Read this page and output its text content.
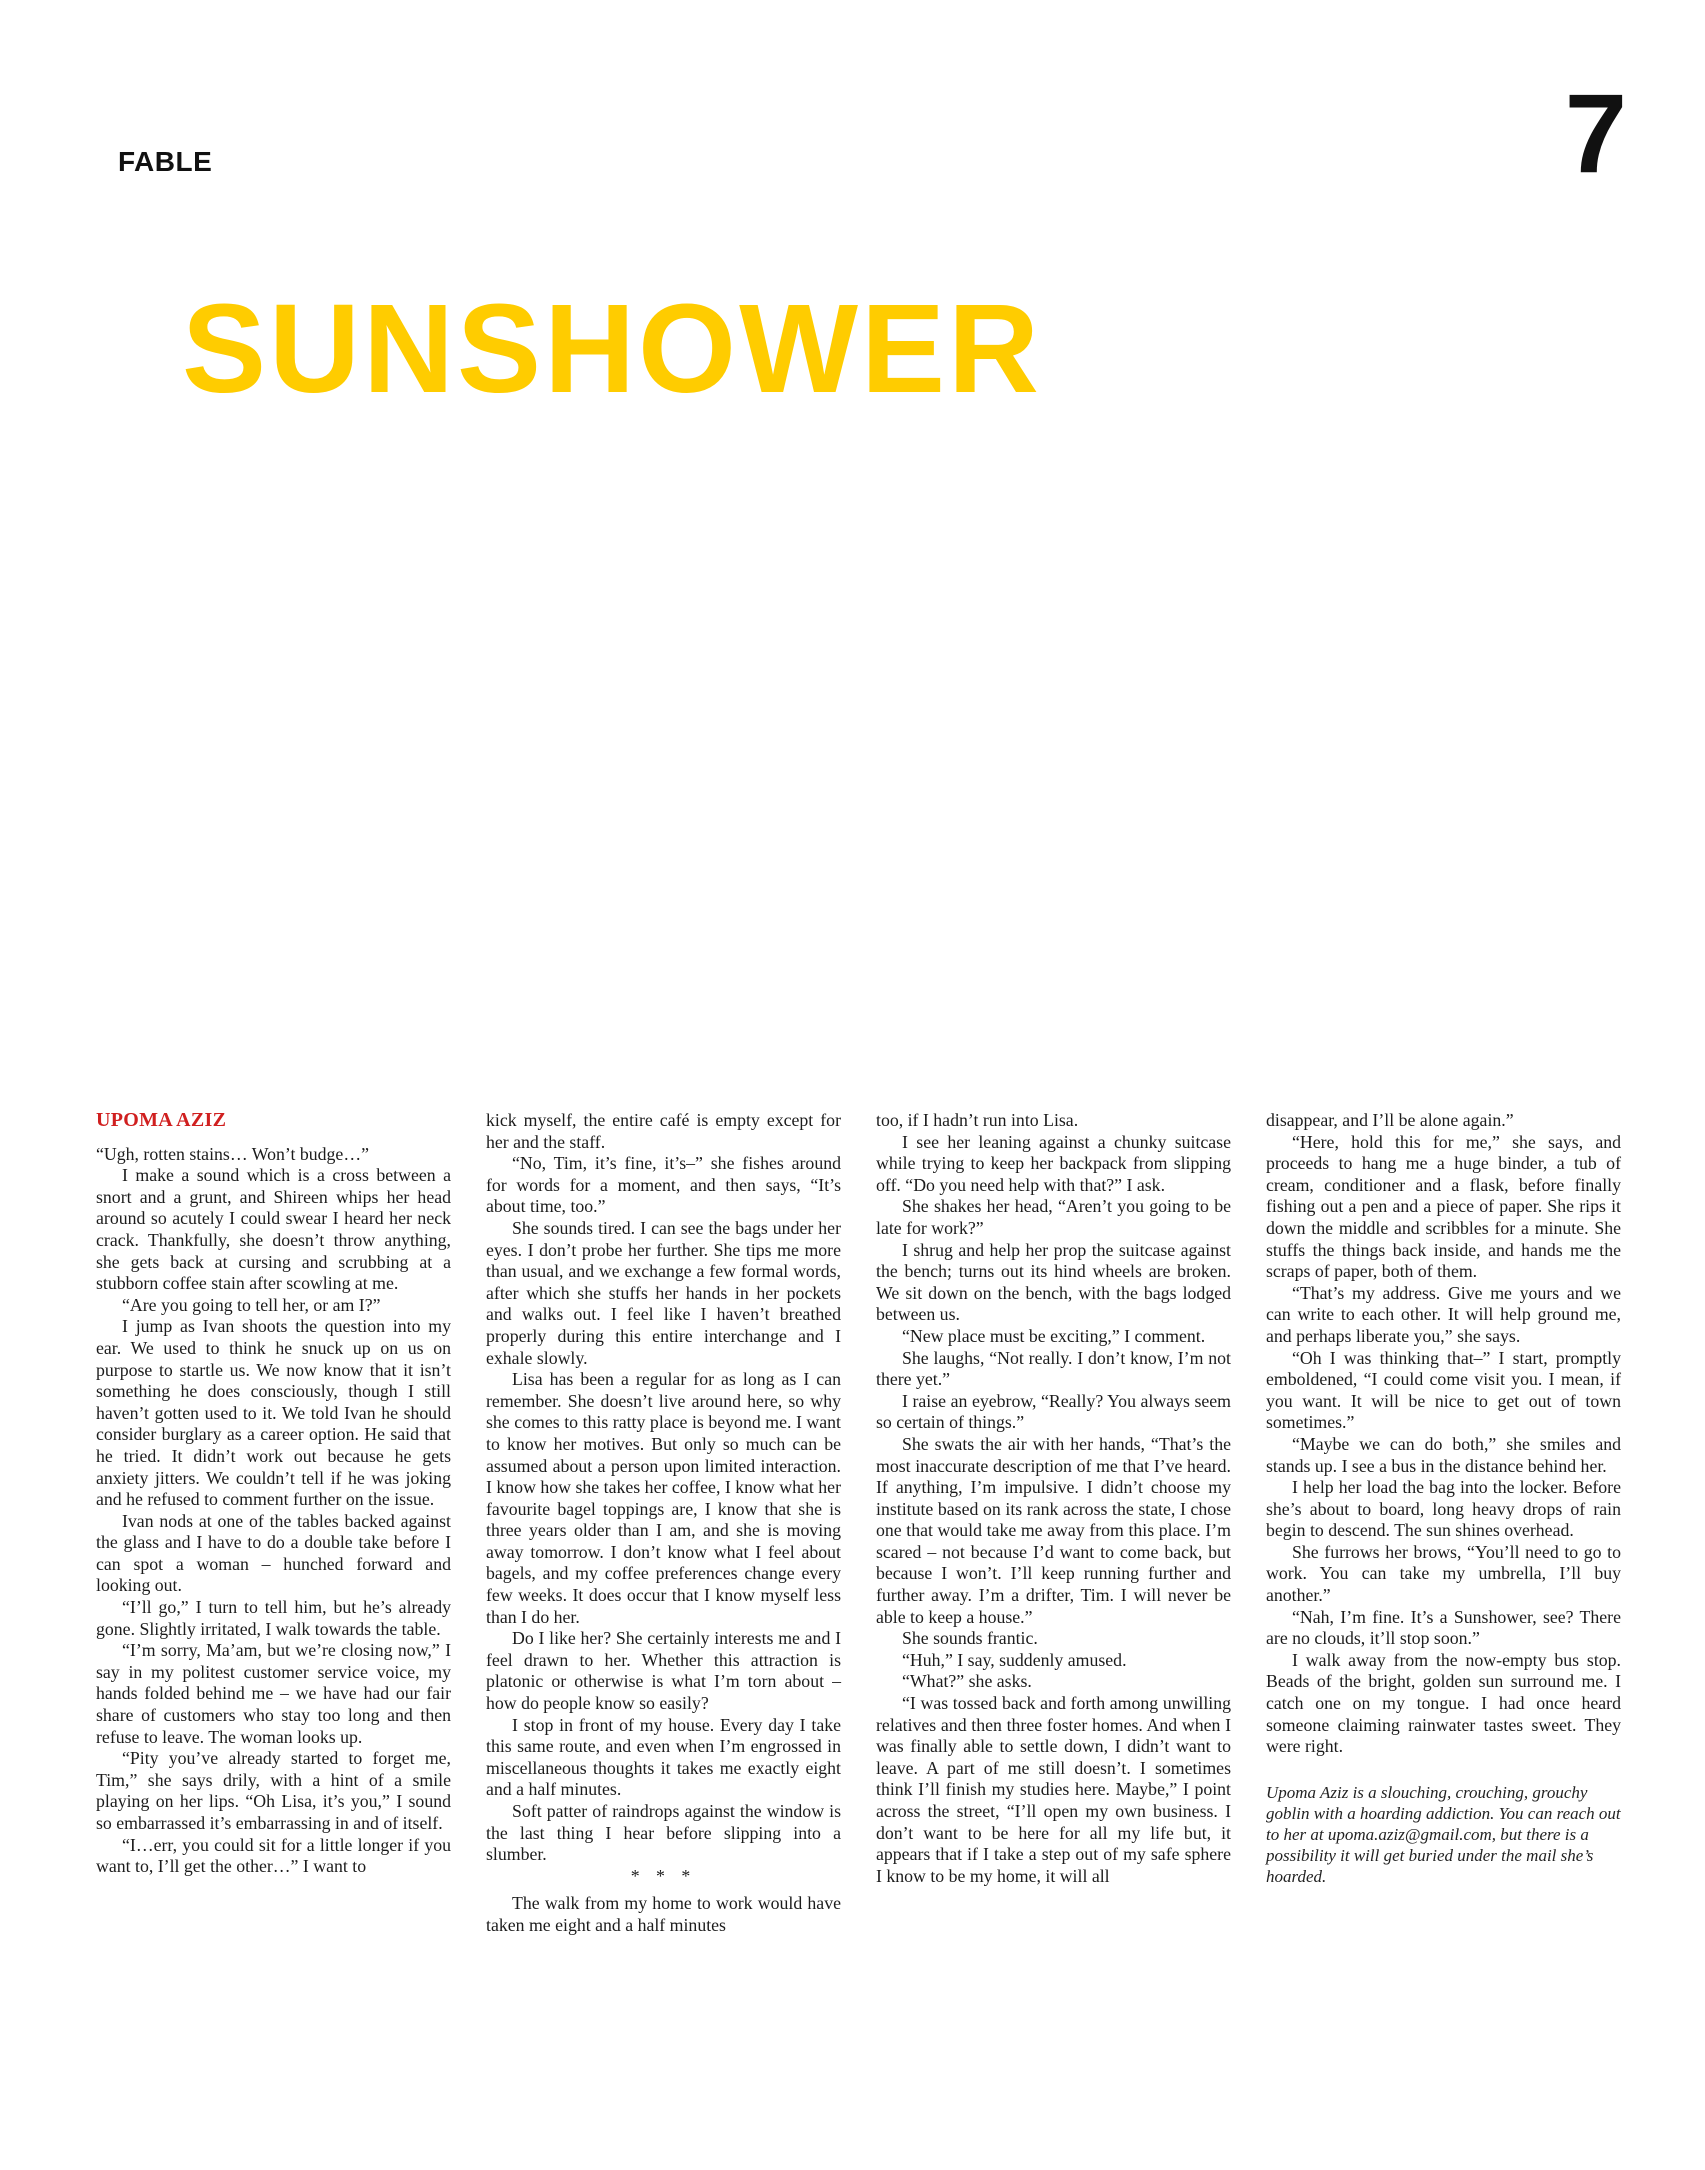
FABLE	7
SUNSHOWER
UPOMA AZIZ

“Ugh, rotten stains… Won’t budge…”

I make a sound which is a cross between a snort and a grunt, and Shireen whips her head around so acutely I could swear I heard her neck crack. Thankfully, she doesn’t throw anything, she gets back at cursing and scrubbing at a stubborn coffee stain after scowling at me.

“Are you going to tell her, or am I?”

I jump as Ivan shoots the question into my ear. We used to think he snuck up on us on purpose to startle us. We now know that it isn’t something he does consciously, though I still haven’t gotten used to it. We told Ivan he should consider burglary as a career option. He said that he tried. It didn’t work out because he gets anxiety jitters. We couldn’t tell if he was joking and he refused to comment further on the issue.

Ivan nods at one of the tables backed against the glass and I have to do a double take before I can spot a woman – hunched forward and looking out.

“I’ll go,” I turn to tell him, but he’s already gone. Slightly irritated, I walk towards the table.

“I’m sorry, Ma’am, but we’re closing now,” I say in my politest customer service voice, my hands folded behind me – we have had our fair share of customers who stay too long and then refuse to leave. The woman looks up.

“Pity you’ve already started to forget me, Tim,” she says drily, with a hint of a smile playing on her lips. “Oh Lisa, it’s you,” I sound so embarrassed it’s embarrassing in and of itself.

“I…err, you could sit for a little longer if you want to, I’ll get the other…” I want to

kick myself, the entire café is empty except for her and the staff.

“No, Tim, it’s fine, it’s–” she fishes around for words for a moment, and then says, “It’s about time, too.”

She sounds tired. I can see the bags under her eyes. I don’t probe her further. She tips me more than usual, and we exchange a few formal words, after which she stuffs her hands in her pockets and walks out. I feel like I haven’t breathed properly during this entire interchange and I exhale slowly.

Lisa has been a regular for as long as I can remember. She doesn’t live around here, so why she comes to this ratty place is beyond me. I want to know her motives. But only so much can be assumed about a person upon limited interaction. I know how she takes her coffee, I know what her favourite bagel toppings are, I know that she is three years older than I am, and she is moving away tomorrow. I don’t know what I feel about bagels, and my coffee preferences change every few weeks. It does occur that I know myself less than I do her.

Do I like her? She certainly interests me and I feel drawn to her. Whether this attraction is platonic or otherwise is what I’m torn about – how do people know so easily?

I stop in front of my house. Every day I take this same route, and even when I’m engrossed in miscellaneous thoughts it takes me exactly eight and a half minutes.

Soft patter of raindrops against the window is the last thing I hear before slipping into a slumber.

* * *

The walk from my home to work would have taken me eight and a half minutes

too, if I hadn’t run into Lisa.

I see her leaning against a chunky suitcase while trying to keep her backpack from slipping off. “Do you need help with that?” I ask.

She shakes her head, “Aren’t you going to be late for work?”

I shrug and help her prop the suitcase against the bench; turns out its hind wheels are broken. We sit down on the bench, with the bags lodged between us.

“New place must be exciting,” I comment.

She laughs, “Not really. I don’t know, I’m not there yet.”

I raise an eyebrow, “Really? You always seem so certain of things.”

She swats the air with her hands, “That’s the most inaccurate description of me that I’ve heard. If anything, I’m impulsive. I didn’t choose my institute based on its rank across the state, I chose one that would take me away from this place. I’m scared – not because I’d want to come back, but because I won’t. I’ll keep running further and further away. I’m a drifter, Tim. I will never be able to keep a house.”

She sounds frantic.

“Huh,” I say, suddenly amused.

“What?” she asks.

“I was tossed back and forth among unwilling relatives and then three foster homes. And when I was finally able to settle down, I didn’t want to leave. A part of me still doesn’t. I sometimes think I’ll finish my studies here. Maybe,” I point across the street, “I’ll open my own business. I don’t want to be here for all my life but, it appears that if I take a step out of my safe sphere I know to be my home, it will all

disappear, and I’ll be alone again.”

“Here, hold this for me,” she says, and proceeds to hang me a huge binder, a tub of cream, conditioner and a flask, before finally fishing out a pen and a piece of paper. She rips it down the middle and scribbles for a minute. She stuffs the things back inside, and hands me the scraps of paper, both of them.

“That’s my address. Give me yours and we can write to each other. It will help ground me, and perhaps liberate you,” she says.

“Oh I was thinking that–” I start, promptly emboldened, “I could come visit you. I mean, if you want. It will be nice to get out of town sometimes.”

“Maybe we can do both,” she smiles and stands up. I see a bus in the distance behind her.

I help her load the bag into the locker. Before she’s about to board, long heavy drops of rain begin to descend. The sun shines overhead.

She furrows her brows, “You’ll need to go to work. You can take my umbrella, I’ll buy another.”

“Nah, I’m fine. It’s a Sunshower, see? There are no clouds, it’ll stop soon.”

I walk away from the now-empty bus stop. Beads of the bright, golden sun surround me. I catch one on my tongue. I had once heard someone claiming rainwater tastes sweet. They were right.

Upoma Aziz is a slouching, crouching, grouchy goblin with a hoarding addiction. You can reach out to her at upoma.aziz@gmail.com, but there is a possibility it will get buried under the mail she’s hoarded.
